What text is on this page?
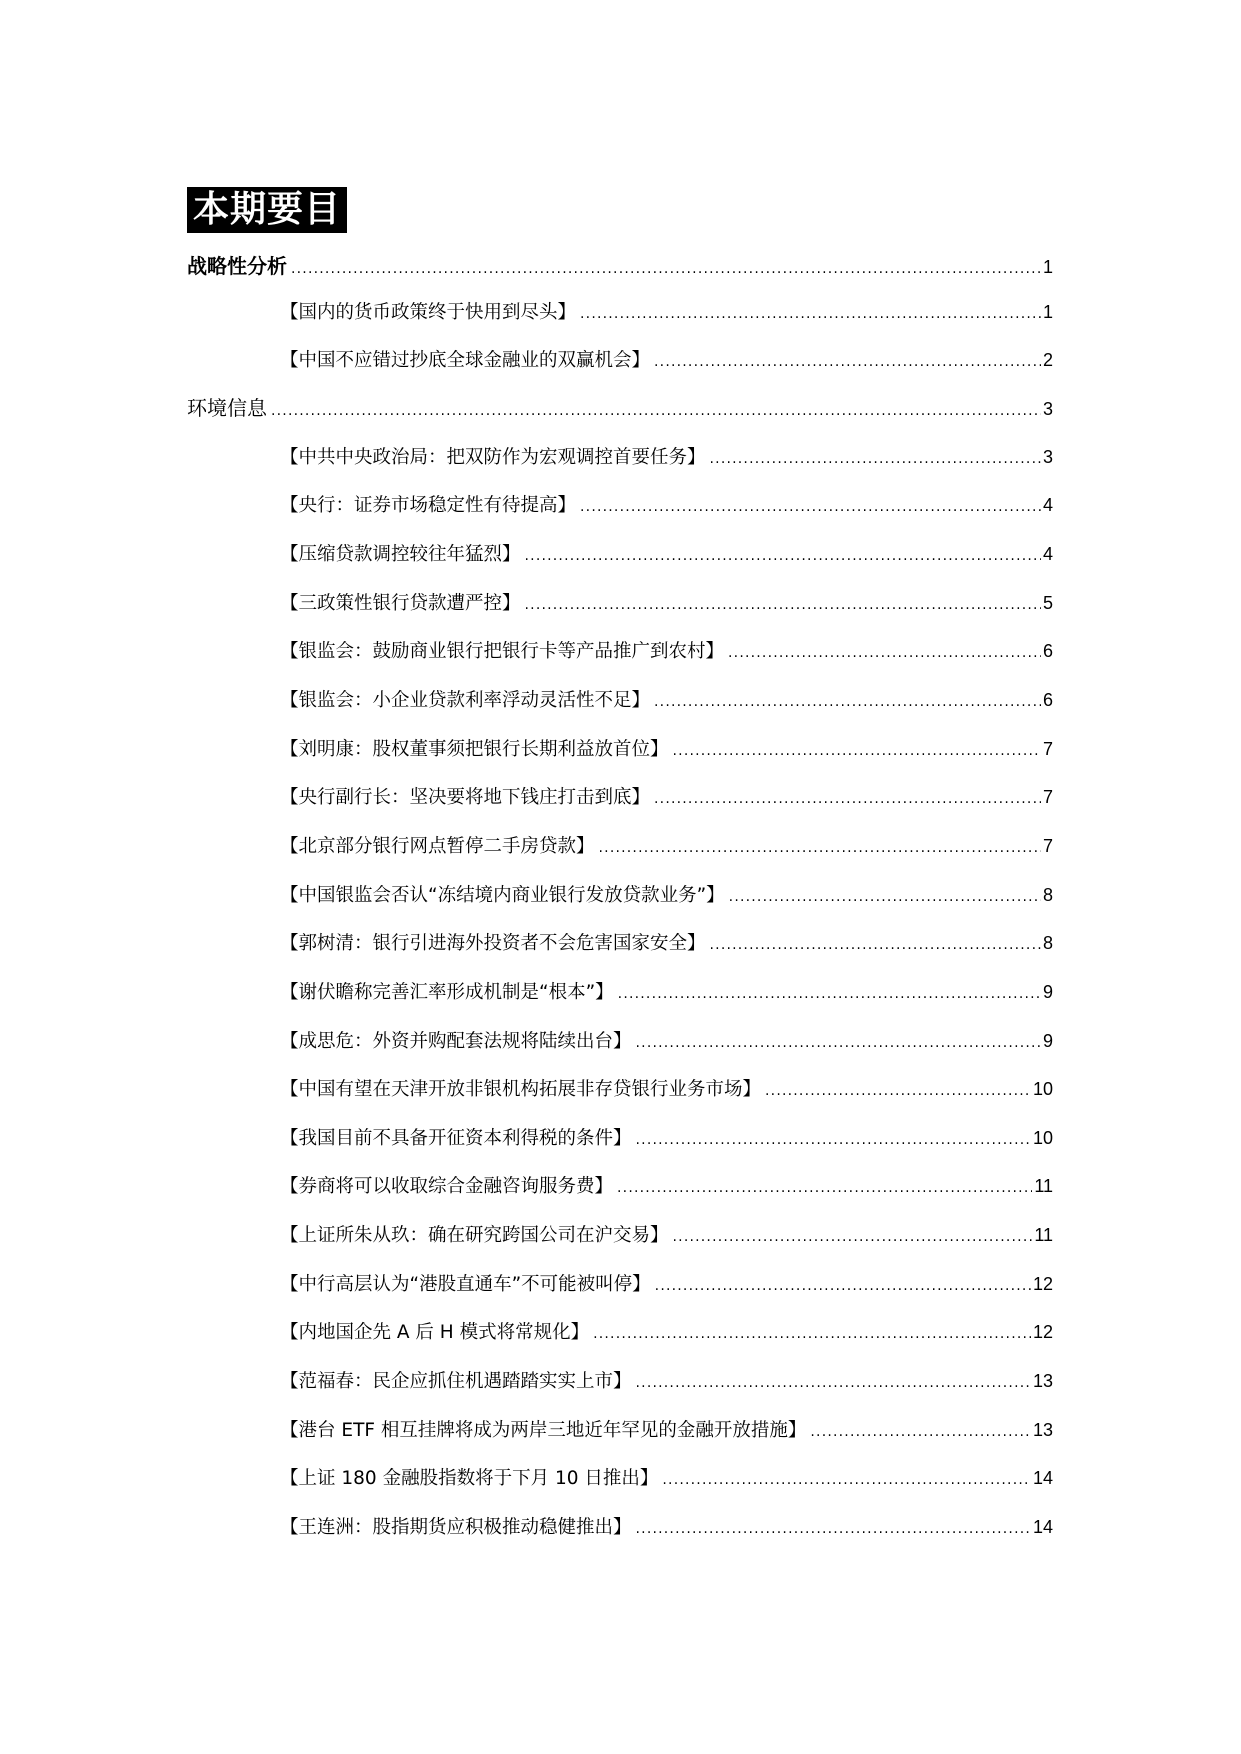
本期要目
战略性分析 .....	1
【国内的货币政策终于快用到尽头】 .....	1
【中国不应错过抄底全球金融业的双赢机会】 .....	2
环境信息 .....	3
【中共中央政治局：把双防作为宏观调控首要任务】 .....	3
【央行：证券市场稳定性有待提高】 .....	4
【压缩贷款调控较往年猛烈】 .....	4
【三政策性银行贷款遭严控】 .....	5
【银监会：鼓励商业银行把银行卡等产品推广到农村】 .....	6
【银监会：小企业贷款利率浮动灵活性不足】 .....	6
【刘明康：股权董事须把银行长期利益放首位】 .....	7
【央行副行长：坚决要将地下钱庄打击到底】 .....	7
【北京部分银行网点暂停二手房贷款】 .....	7
【中国银监会否认“冻结境内商业银行发放贷款业务”】 .....	8
【郭树清：银行引进海外投资者不会危害国家安全】 .....	8
【谢伏瞻称完善汇率形成机制是“根本”】 .....	9
【成思危：外资并购配套法规将陆续出台】 .....	9
【中国有望在天津开放非银机构拓展非存贷银行业务市场】 .....	10
【我国目前不具备开征资本利得税的条件】 .....	10
【券商将可以收取综合金融咨询服务费】 .....	11
【上证所朱从玖：确在研究跨国公司在沪交易】 .....	11
【中行高层认为“港股直通车”不可能被叫停】 .....	12
【内地国企先 A 后 H 模式将常规化】 .....	12
【范福春：民企应抓住机遇踏踏实实上市】 .....	13
【港台 ETF 相互挂牌将成为两岸三地近年罕见的金融开放措施】 .....	13
【上证 180 金融股指数将于下月 10 日推出】 .....	14
【王连洲：股指期货应积极推动稳健推出】 .....	14
